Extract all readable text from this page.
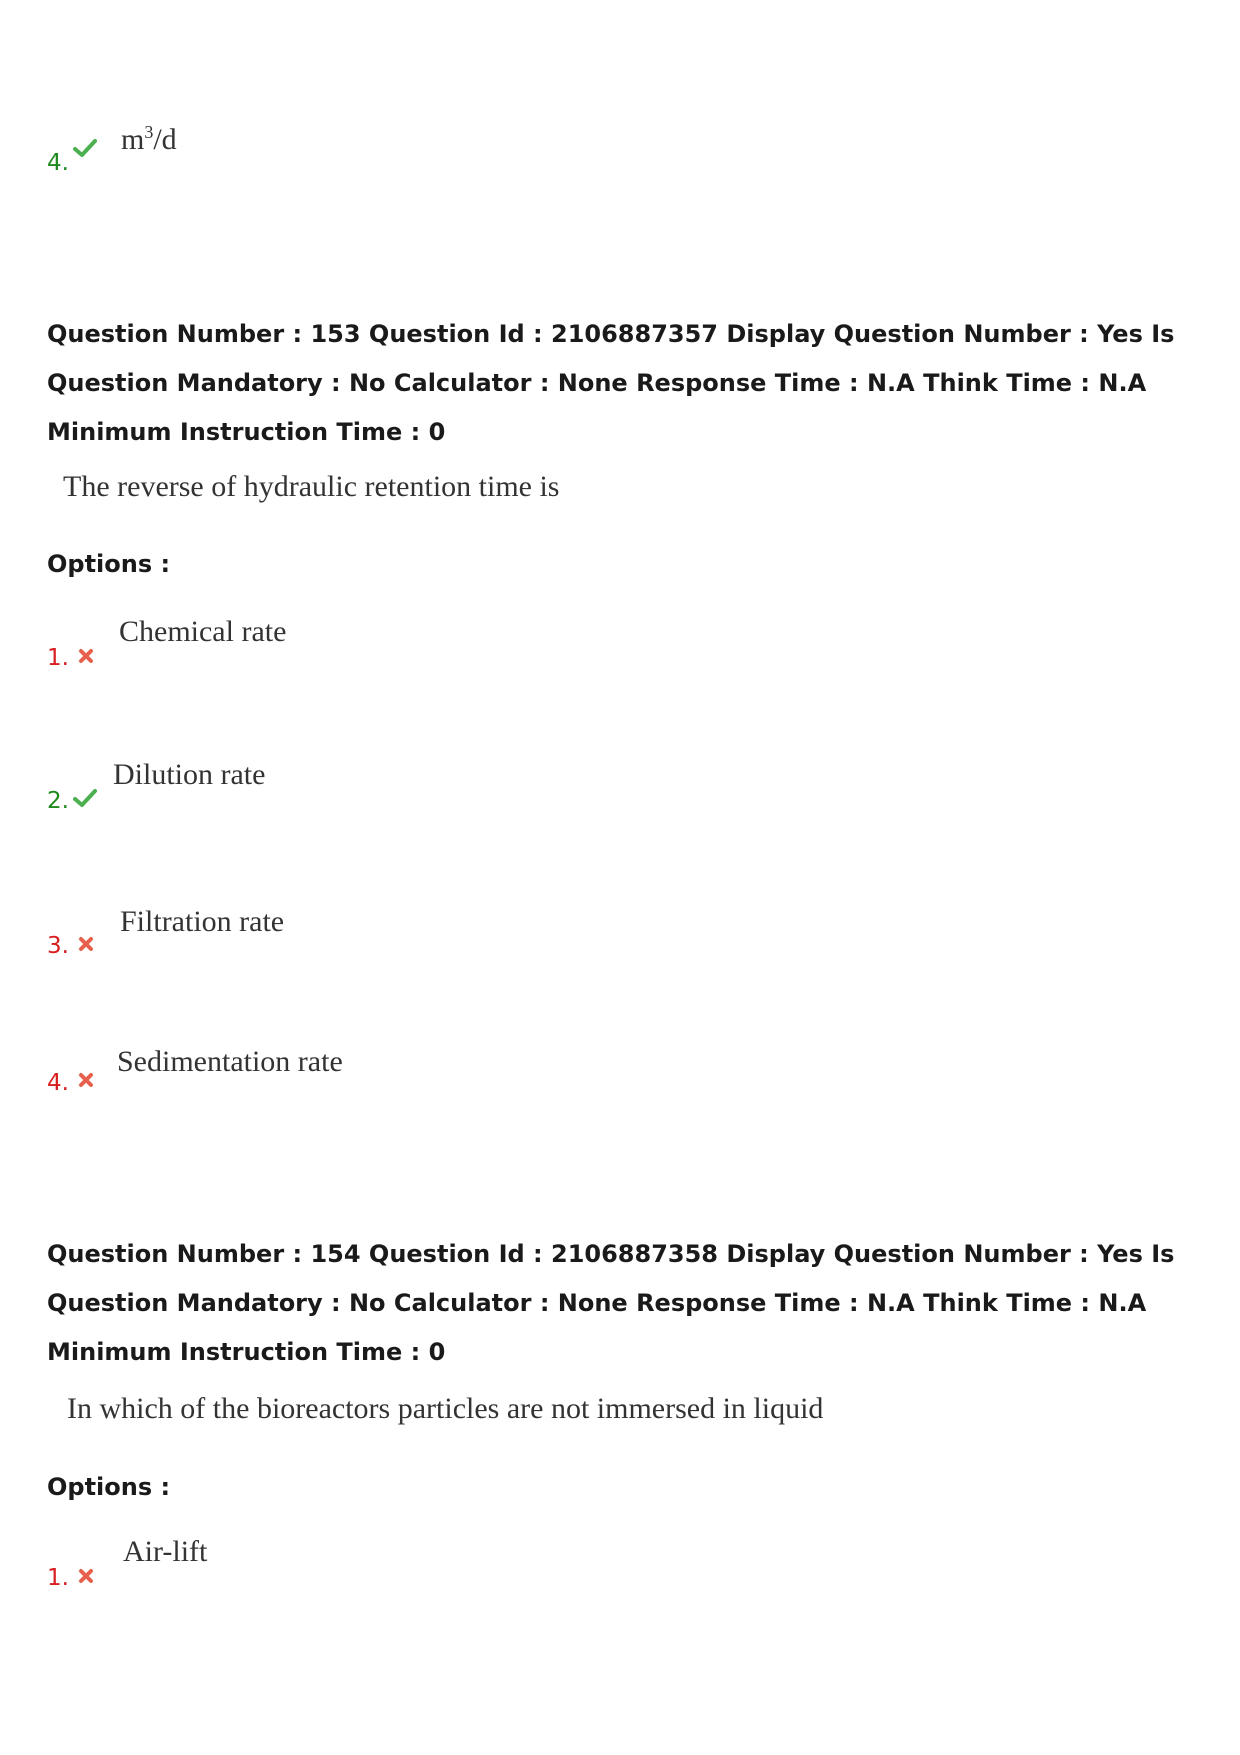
4.
$m^3/d$
Question Number : 153 Question Id : 2106887357 Display Question Number : Yes Is Question Mandatory : No Calculator : None Response Time : N.A Think Time : N.A Minimum Instruction Time : 0
The reverse of hydraulic retention time is
Options :
1.
Chemical rate
2.
Dilution rate
3.
Filtration rate
4.
Sedimentation rate
Question Number : 154 Question Id : 2106887358 Display Question Number : Yes Is Question Mandatory : No Calculator : None Response Time : N.A Think Time : N.A Minimum Instruction Time : 0
In which of the bioreactors particles are not immersed in liquid
Options :
1.
Air-lift
